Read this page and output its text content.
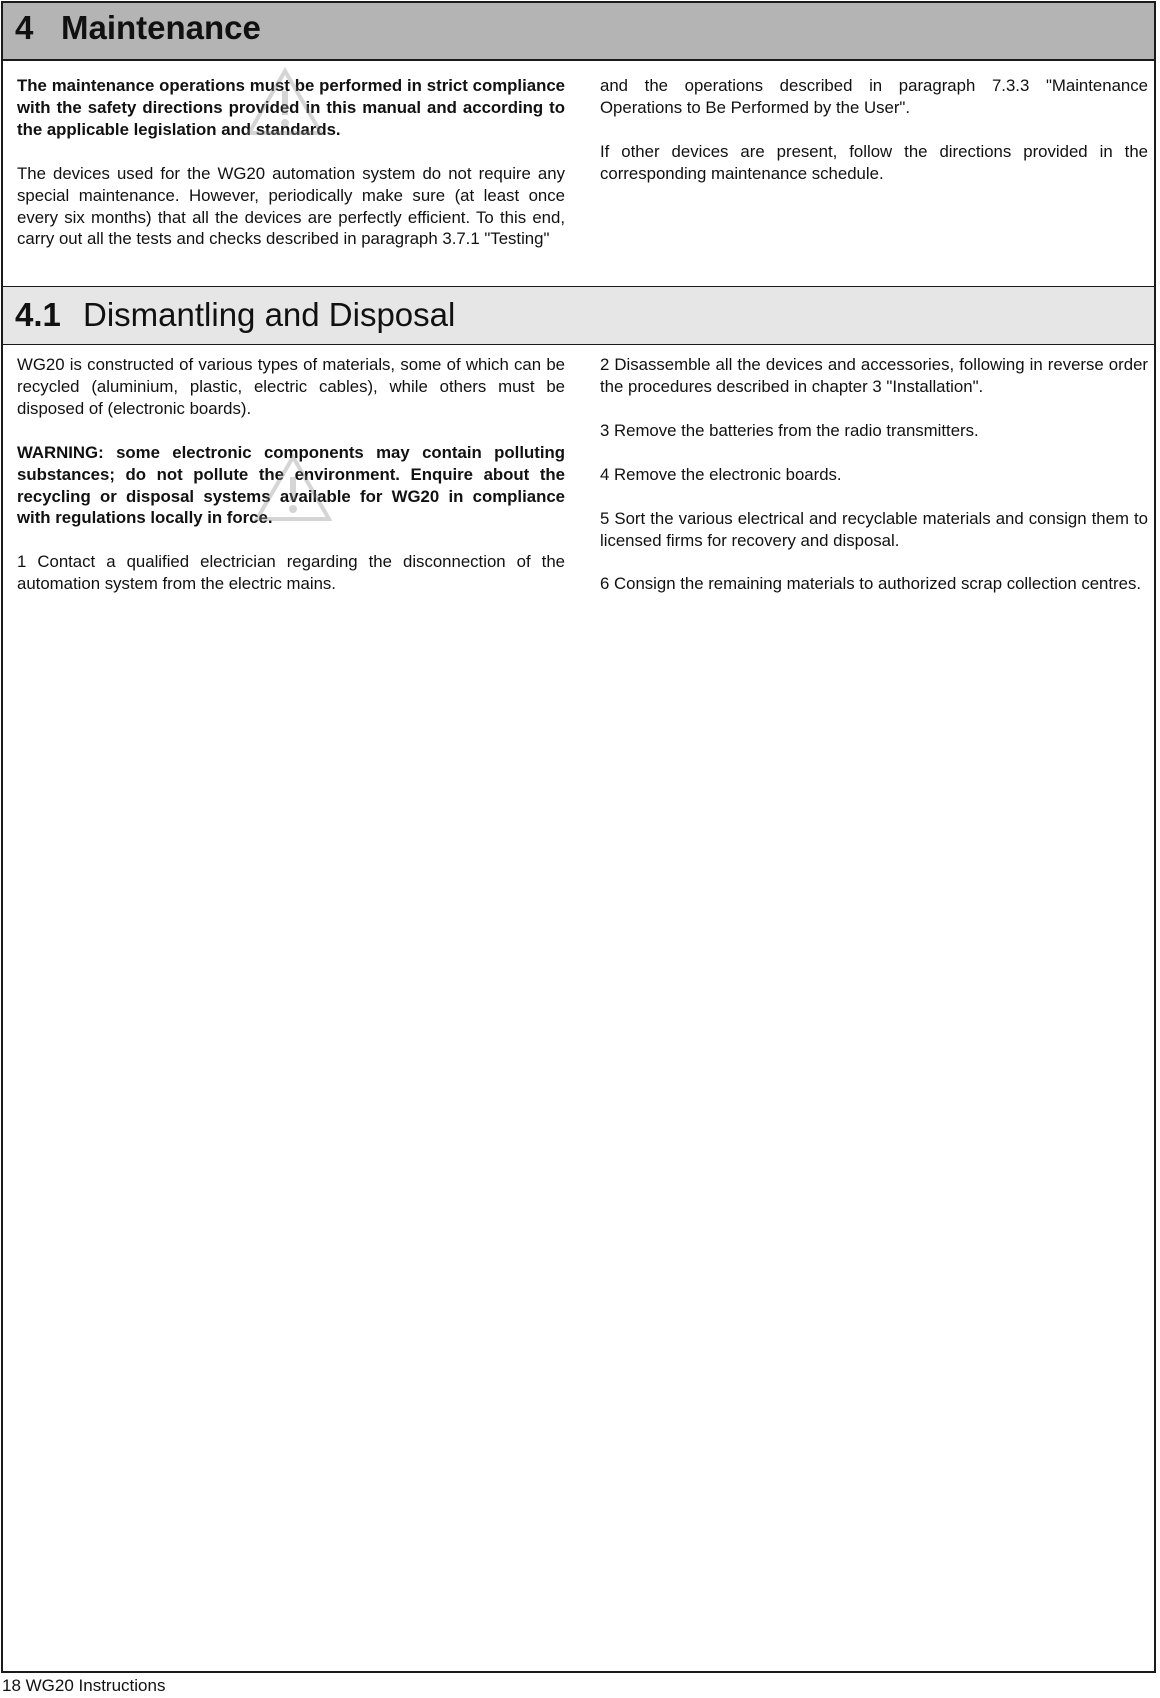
4 Maintenance

The maintenance operations must be performed in strict compliance with the safety directions provided in this manual and according to the applicable legislation and standards.

The devices used for the WG20 automation system do not require any special maintenance. However, periodically make sure (at least once every six months) that all the devices are perfectly efficient. To this end, carry out all the tests and checks described in paragraph 3.7.1 "Testing"

and the operations described in paragraph 7.3.3 "Maintenance Operations to Be Performed by the User".

If other devices are present, follow the directions provided in the corresponding maintenance schedule.

4.1 Dismantling and Disposal

WG20 is constructed of various types of materials, some of which can be recycled (aluminium, plastic, electric cables), while others must be disposed of (electronic boards).

WARNING: some electronic components may contain polluting substances; do not pollute the environment. Enquire about the recycling or disposal systems available for WG20 in compliance with regulations locally in force.

1 Contact a qualified electrician regarding the disconnection of the automation system from the electric mains.

2 Disassemble all the devices and accessories, following in reverse order the procedures described in chapter 3 "Installation".

3 Remove the batteries from the radio transmitters.

4 Remove the electronic boards.

5 Sort the various electrical and recyclable materials and consign them to licensed firms for recovery and disposal.

6 Consign the remaining materials to authorized scrap collection centres.

18 WG20 Instructions
